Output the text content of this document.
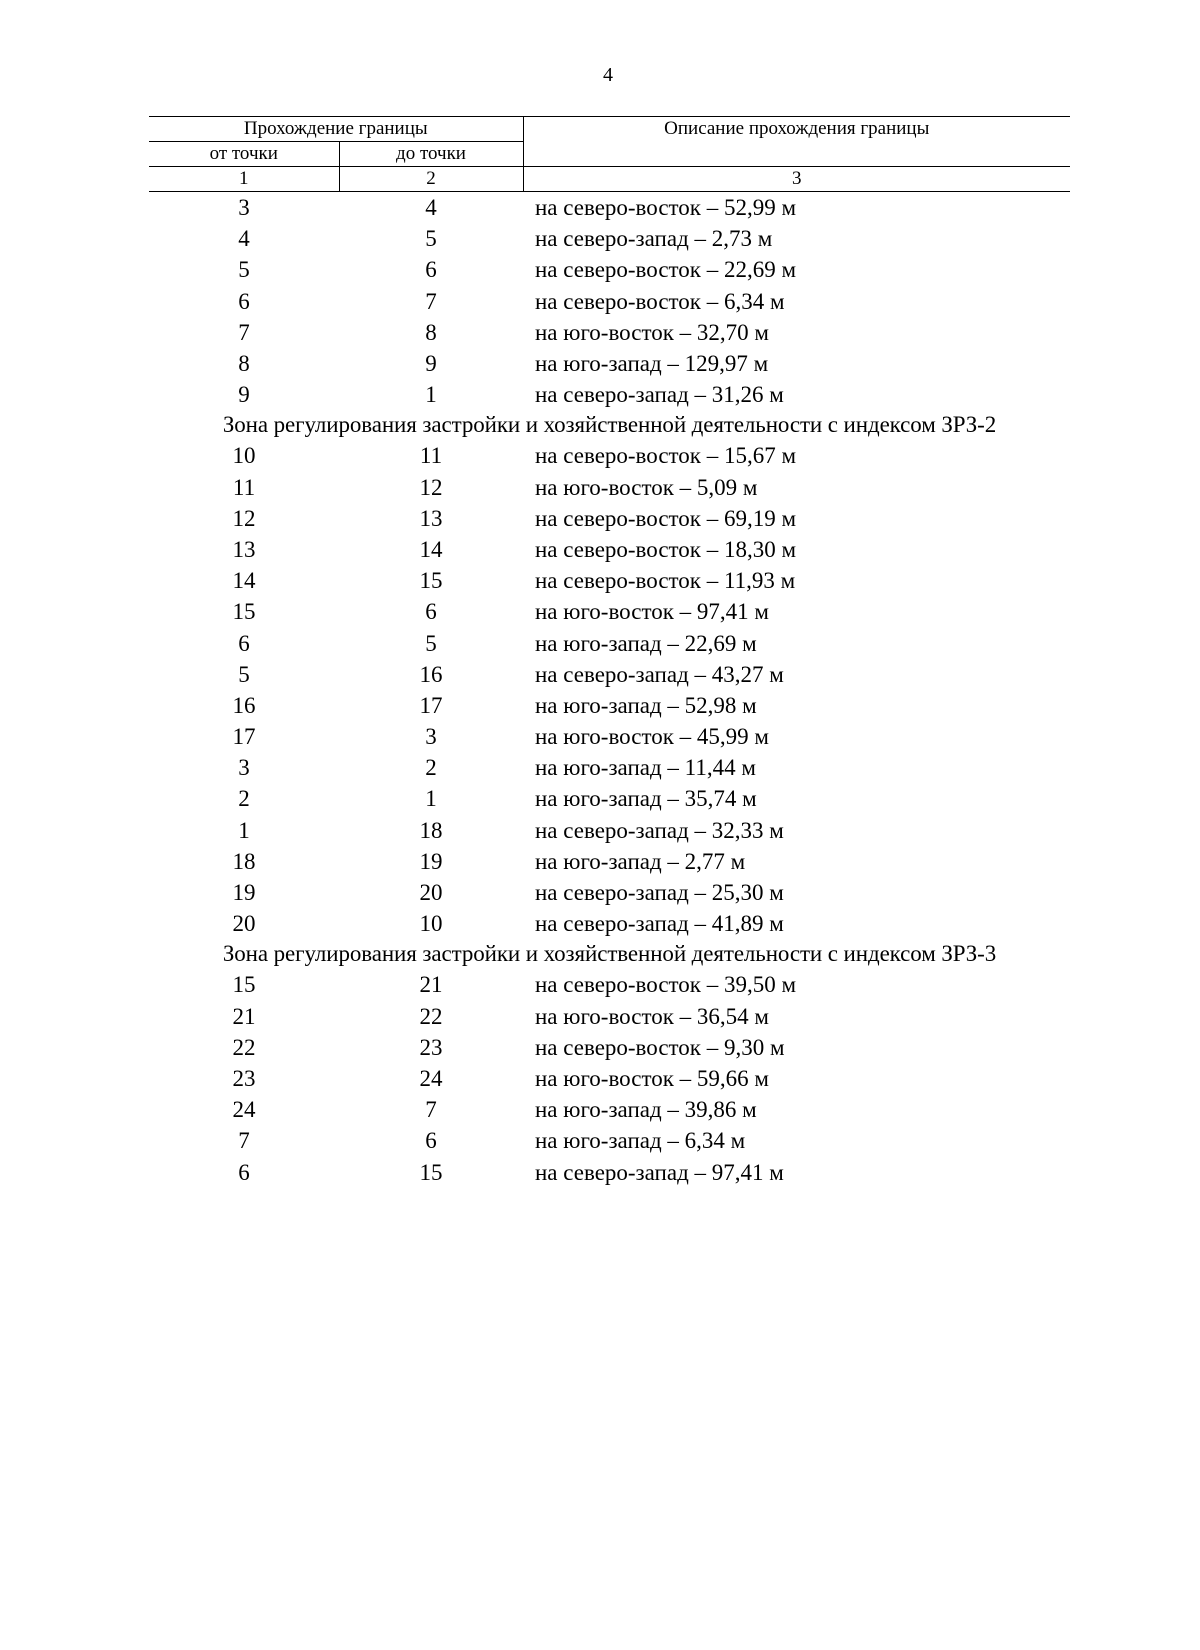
4
Прохождение границы		Описание прохождения границы
от точки	до точки	
1	2	3
3	4	на северо-восток – 52,99 м
4	5	на северо-запад – 2,73 м
5	6	на северо-восток – 22,69 м
6	7	на северо-восток – 6,34 м
7	8	на юго-восток – 32,70 м
8	9	на юго-запад – 129,97 м
9	1	на северо-запад – 31,26 м
Зона регулирования застройки и хозяйственной деятельности с индексом ЗРЗ-2
10	11	на северо-восток – 15,67 м
11	12	на юго-восток – 5,09 м
12	13	на северо-восток – 69,19 м
13	14	на северо-восток – 18,30 м
14	15	на северо-восток – 11,93 м
15	6	на юго-восток – 97,41 м
6	5	на юго-запад – 22,69 м
5	16	на северо-запад – 43,27 м
16	17	на юго-запад – 52,98 м
17	3	на юго-восток – 45,99 м
3	2	на юго-запад – 11,44 м
2	1	на юго-запад – 35,74 м
1	18	на северо-запад – 32,33 м
18	19	на юго-запад – 2,77 м
19	20	на северо-запад – 25,30 м
20	10	на северо-запад – 41,89 м
Зона регулирования застройки и хозяйственной деятельности с индексом ЗРЗ-3
15	21	на северо-восток – 39,50 м
21	22	на юго-восток – 36,54 м
22	23	на северо-восток – 9,30 м
23	24	на юго-восток – 59,66 м
24	7	на юго-запад – 39,86 м
7	6	на юго-запад – 6,34 м
6	15	на северо-запад – 97,41 м
